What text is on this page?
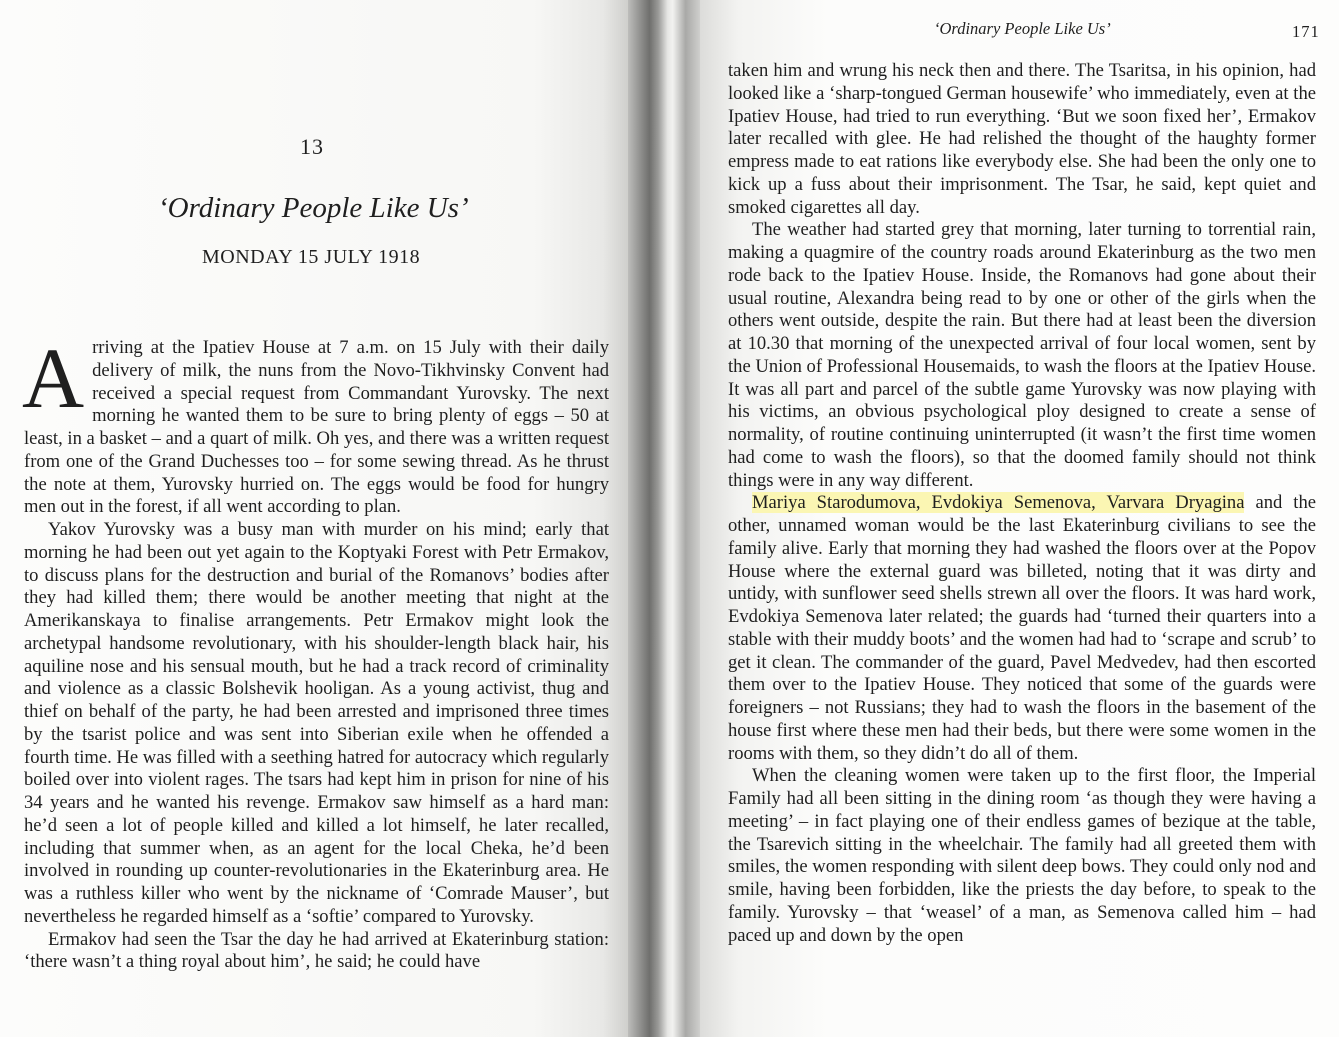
13
‘Ordinary People Like Us’
MONDAY 15 JULY 1918

Arriving at the Ipatiev House at 7 a.m. on 15 July with their daily delivery of milk, the nuns from the Novo-Tikhvinsky Convent had received a special request from Commandant Yurovsky. The next morning he wanted them to be sure to bring plenty of eggs – 50 at least, in a basket – and a quart of milk. Oh yes, and there was a written request from one of the Grand Duchesses too – for some sewing thread. As he thrust the note at them, Yurovsky hurried on. The eggs would be food for hungry men out in the forest, if all went according to plan.

Yakov Yurovsky was a busy man with murder on his mind; early that morning he had been out yet again to the Koptyaki Forest with Petr Ermakov, to discuss plans for the destruction and burial of the Romanovs’ bodies after they had killed them; there would be another meeting that night at the Amerikanskaya to finalise arrangements. Petr Ermakov might look the archetypal handsome revolutionary, with his shoulder-length black hair, his aquiline nose and his sensual mouth, but he had a track record of criminality and violence as a classic Bolshevik hooligan. As a young activist, thug and thief on behalf of the party, he had been arrested and imprisoned three times by the tsarist police and was sent into Siberian exile when he offended a fourth time. He was filled with a seething hatred for autocracy which regularly boiled over into violent rages. The tsars had kept him in prison for nine of his 34 years and he wanted his revenge. Ermakov saw himself as a hard man: he’d seen a lot of people killed and killed a lot himself, he later recalled, including that summer when, as an agent for the local Cheka, he’d been involved in rounding up counter-revolutionaries in the Ekaterinburg area. He was a ruthless killer who went by the nickname of ‘Comrade Mauser’, but nevertheless he regarded himself as a ‘softie’ compared to Yurovsky.

Ermakov had seen the Tsar the day he had arrived at Ekaterinburg station: ‘there wasn’t a thing royal about him’, he said; he could have

‘Ordinary People Like Us’	171

taken him and wrung his neck then and there. The Tsaritsa, in his opinion, had looked like a ‘sharp-tongued German housewife’ who immediately, even at the Ipatiev House, had tried to run everything. ‘But we soon fixed her’, Ermakov later recalled with glee. He had relished the thought of the haughty former empress made to eat rations like everybody else. She had been the only one to kick up a fuss about their imprisonment. The Tsar, he said, kept quiet and smoked cigarettes all day.

The weather had started grey that morning, later turning to torrential rain, making a quagmire of the country roads around Ekaterinburg as the two men rode back to the Ipatiev House. Inside, the Romanovs had gone about their usual routine, Alexandra being read to by one or other of the girls when the others went outside, despite the rain. But there had at least been the diversion at 10.30 that morning of the unexpected arrival of four local women, sent by the Union of Professional Housemaids, to wash the floors at the Ipatiev House. It was all part and parcel of the subtle game Yurovsky was now playing with his victims, an obvious psychological ploy designed to create a sense of normality, of routine continuing uninterrupted (it wasn’t the first time women had come to wash the floors), so that the doomed family should not think things were in any way different.

Mariya Starodumova, Evdokiya Semenova, Varvara Dryagina and the other, unnamed woman would be the last Ekaterinburg civilians to see the family alive. Early that morning they had washed the floors over at the Popov House where the external guard was billeted, noting that it was dirty and untidy, with sunflower seed shells strewn all over the floors. It was hard work, Evdokiya Semenova later related; the guards had ‘turned their quarters into a stable with their muddy boots’ and the women had had to ‘scrape and scrub’ to get it clean. The commander of the guard, Pavel Medvedev, had then escorted them over to the Ipatiev House. They noticed that some of the guards were foreigners – not Russians; they had to wash the floors in the basement of the house first where these men had their beds, but there were some women in the rooms with them, so they didn’t do all of them.

When the cleaning women were taken up to the first floor, the Imperial Family had all been sitting in the dining room ‘as though they were having a meeting’ – in fact playing one of their endless games of bezique at the table, the Tsarevich sitting in the wheelchair. The family had all greeted them with smiles, the women responding with silent deep bows. They could only nod and smile, having been forbidden, like the priests the day before, to speak to the family. Yurovsky – that ‘weasel’ of a man, as Semenova called him – had paced up and down by the open
